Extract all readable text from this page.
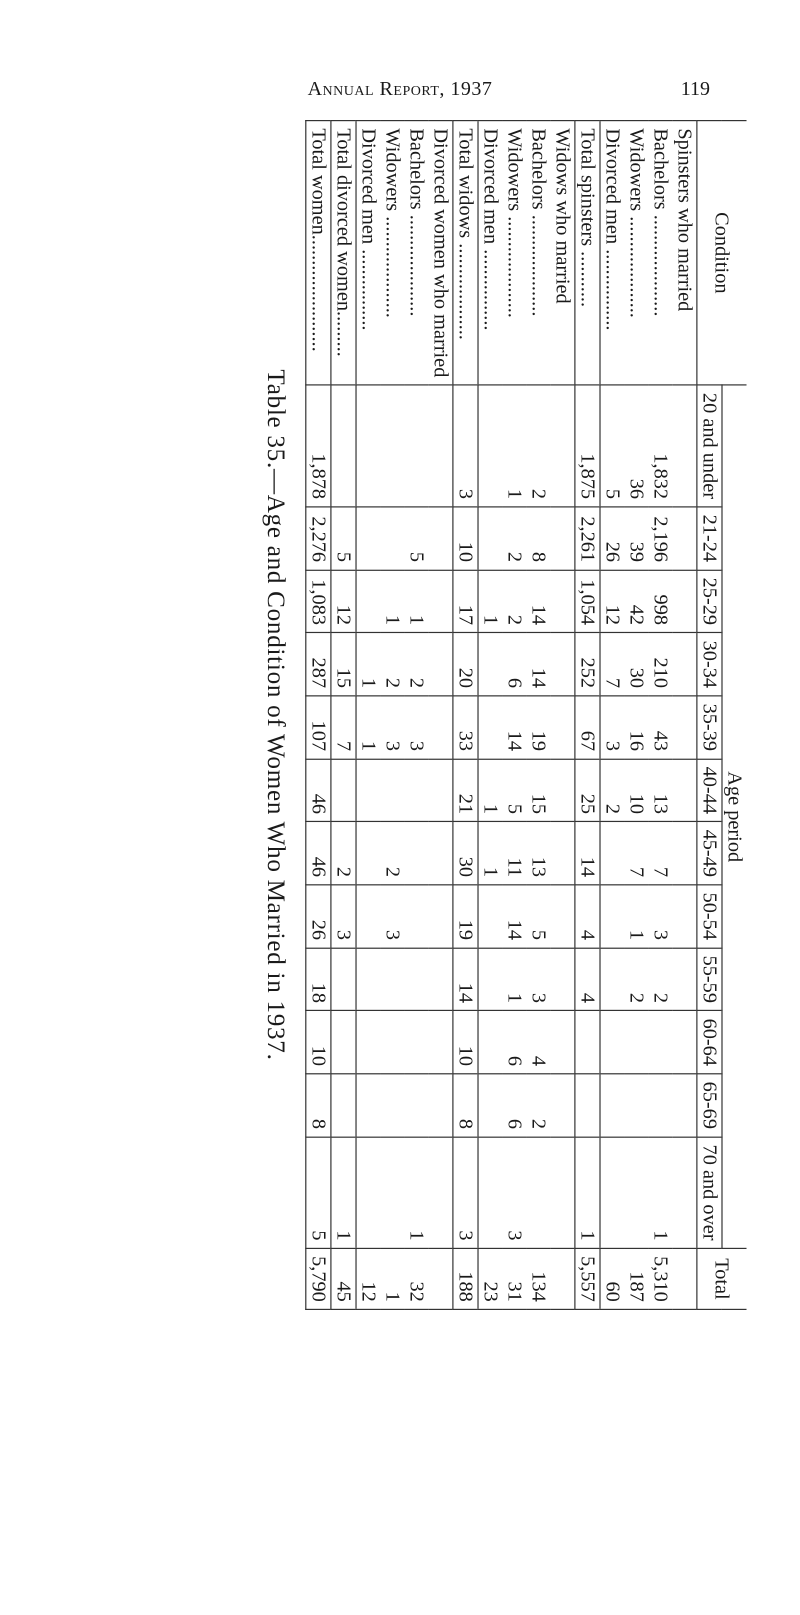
Annual Report, 1937	119
Table 35.—Age and Condition of Women Who Married in 1937.
Condition	Age period												Total
	20 and under	21-24	25-29	30-34	35-39	40-44	45-49	50-54	55-59	60-64	65-69	70 and over	
Spinsters who married													
Bachelors ....................	1,832	2,196	998	210	43	13	7	3	2			1	5,310
Widowers ....................	36	39	42	30	16	10	7	1	2				187
Divorced men ................	5	26	12	7	3	2							60
Total spinsters ...........	1,875	2,261	1,054	252	67	25	14	4	4			1	5,557
Widows who married													
Bachelors ....................	2	8	14	14	19	15	13	5	3	4	2		134
Widowers ....................	1	2	2	6	14	5	11	14	1	6	6	3	31
Divorced men ................			1			1	1						23
Total widows ...................	3	10	17	20	33	21	30	19	14	10	8	3	188
Divorced women who married													
Bachelors ....................		5	1	2	3							1	32
Widowers ....................			1	2	3		2	3					1
Divorced men ................				1	1								12
Total divorced women.........		5	12	15	7		2	3				1	45
Total women.......................	1,878	2,276	1,083	287	107	46	46	26	18	10	8	5	5,790
